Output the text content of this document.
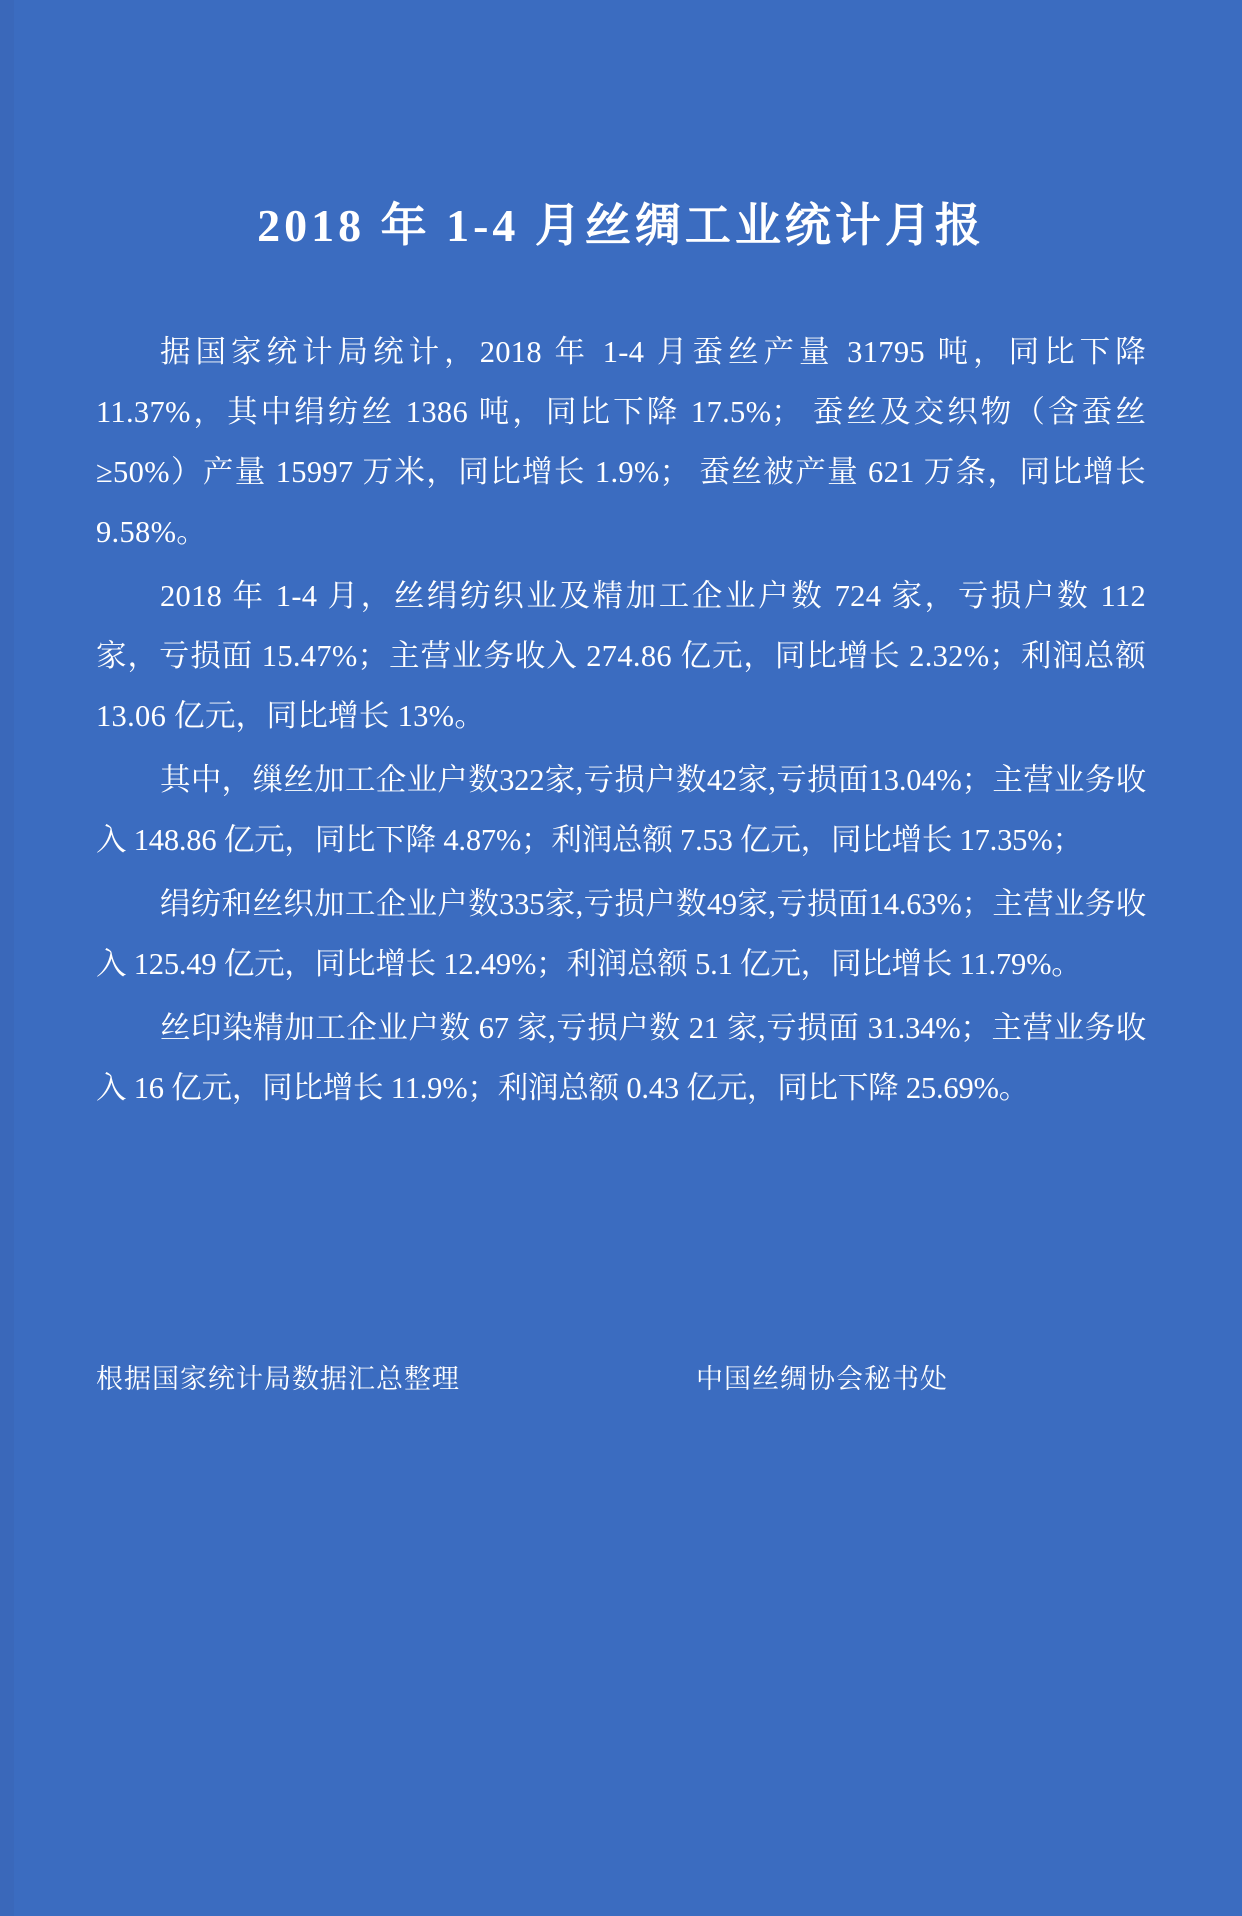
2018 年 1-4 月丝绸工业统计月报

据国家统计局统计，2018 年 1-4 月蚕丝产量 31795 吨，同比下降 11.37%，其中绢纺丝 1386 吨，同比下降 17.5%； 蚕丝及交织物（含蚕丝≥50%）产量 15997 万米，同比增长 1.9%； 蚕丝被产量 621 万条，同比增长 9.58%。

2018 年 1-4 月，丝绢纺织业及精加工企业户数 724 家，亏损户数 112 家，亏损面 15.47%；主营业务收入 274.86 亿元，同比增长 2.32%；利润总额 13.06 亿元，同比增长 13%。

其中，缫丝加工企业户数322家,亏损户数42家,亏损面13.04%；主营业务收入 148.86 亿元，同比下降 4.87%；利润总额 7.53 亿元，同比增长 17.35%；

绢纺和丝织加工企业户数335家,亏损户数49家,亏损面14.63%；主营业务收入 125.49 亿元，同比增长 12.49%；利润总额 5.1 亿元，同比增长 11.79%。

丝印染精加工企业户数 67 家,亏损户数 21 家,亏损面 31.34%；主营业务收入 16 亿元，同比增长 11.9%；利润总额 0.43 亿元，同比下降 25.69%。

根据国家统计局数据汇总整理	中国丝绸协会秘书处
